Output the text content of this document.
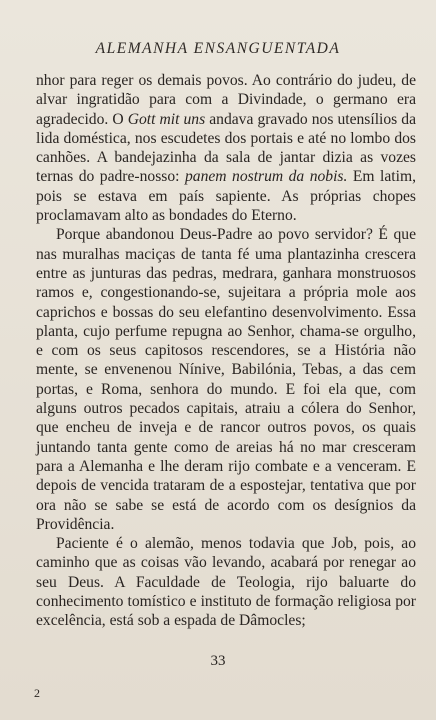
ALEMANHA ENSANGUENTADA

nhor para reger os demais povos. Ao contrário do judeu, de alvar ingratidão para com a Divindade, o germano era agradecido. O Gott mit uns andava gravado nos utensílios da lida doméstica, nos escudetes dos portais e até no lombo dos canhões. A bandejazinha da sala de jantar dizia as vozes ternas do padre-nosso: panem nostrum da nobis. Em latim, pois se estava em país sapiente. As próprias chopes proclamavam alto as bondades do Eterno.

Porque abandonou Deus-Padre ao povo servidor? É que nas muralhas maciças de tanta fé uma plantazinha crescera entre as junturas das pedras, medrara, ganhara monstruosos ramos e, congestionando-se, sujeitara a própria mole aos caprichos e bossas do seu elefantino desenvolvimento. Essa planta, cujo perfume repugna ao Senhor, chama-se orgulho, e com os seus capitosos rescendores, se a História não mente, se envenenou Nínive, Babilónia, Tebas, a das cem portas, e Roma, senhora do mundo. E foi ela que, com alguns outros pecados capitais, atraiu a cólera do Senhor, que encheu de inveja e de rancor outros povos, os quais juntando tanta gente como de areias há no mar cresceram para a Alemanha e lhe deram rijo combate e a venceram. E depois de vencida trataram de a espostejar, tentativa que por ora não se sabe se está de acordo com os desígnios da Providência.

Paciente é o alemão, menos todavia que Job, pois, ao caminho que as coisas vão levando, acabará por renegar ao seu Deus. A Faculdade de Teologia, rijo baluarte do conhecimento tomístico e instituto de formação religiosa por excelência, está sob a espada de Dâmocles;

33
2
